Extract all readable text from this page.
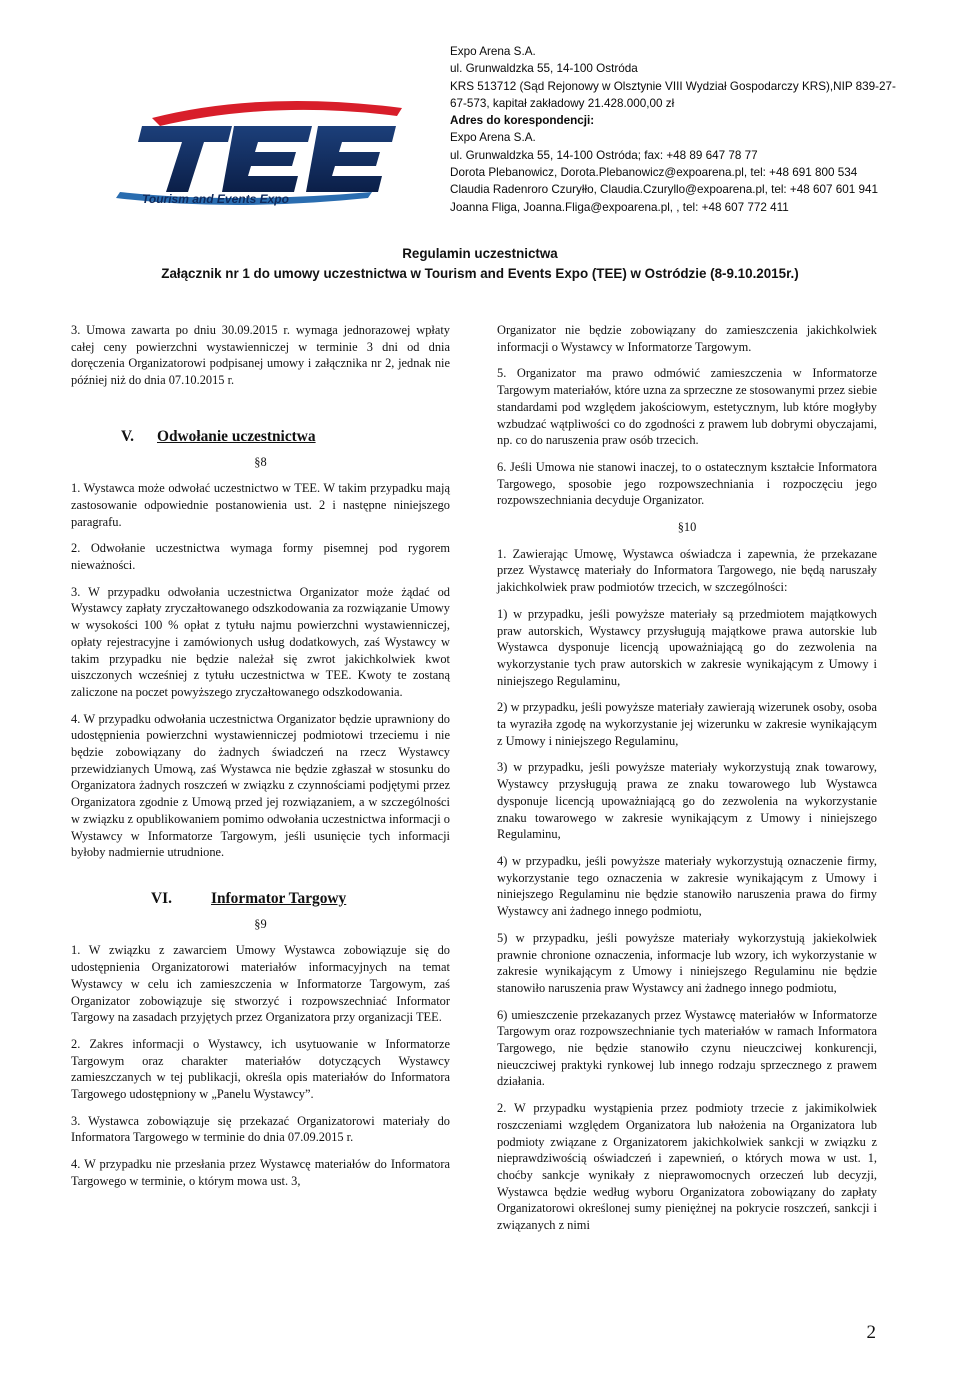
Tourism and Events Expo
Expo Arena S.A.
ul. Grunwaldzka 55, 14-100 Ostróda
KRS 513712 (Sąd Rejonowy w Olsztynie VIII Wydział Gospodarczy KRS),NIP 839-27-
67-573, kapitał zakładowy 21.428.000,00 zł
Adres do korespondencji:
Expo Arena S.A.
ul. Grunwaldzka 55, 14-100 Ostróda; fax: +48 89 647 78 77
Dorota Plebanowicz, Dorota.Plebanowicz@expoarena.pl, tel: +48 691 800 534
Claudia Radenroro Czuryłło, Claudia.Czuryllo@expoarena.pl, tel: +48 607 601 941
Joanna Fliga, Joanna.Fliga@expoarena.pl, , tel: +48 607 772 411
Regulamin uczestnictwa
Załącznik nr 1 do umowy uczestnictwa w Tourism and Events Expo (TEE) w Ostródzie (8-9.10.2015r.)

3. Umowa zawarta po dniu 30.09.2015 r. wymaga jednorazowej wpłaty całej ceny powierzchni wystawienniczej w terminie 3 dni od dnia doręczenia Organizatorowi podpisanej umowy i załącznika nr 2, jednak nie później niż do dnia 07.10.2015 r.

V. Odwołanie uczestnictwa
§8

1. Wystawca może odwołać uczestnictwo w TEE. W takim przypadku mają zastosowanie odpowiednie postanowienia ust. 2 i następne niniejszego paragrafu.

2. Odwołanie uczestnictwa wymaga formy pisemnej pod rygorem nieważności.

3. W przypadku odwołania uczestnictwa Organizator może żądać od Wystawcy zapłaty zryczałtowanego odszkodowania za rozwiązanie Umowy w wysokości 100 % opłat z tytułu najmu powierzchni wystawienniczej, opłaty rejestracyjne i zamówionych usług dodatkowych, zaś Wystawcy w takim przypadku nie będzie należał się zwrot jakichkolwiek kwot uiszczonych wcześniej z tytułu uczestnictwa w TEE. Kwoty te zostaną zaliczone na poczet powyższego zryczałtowanego odszkodowania.

4. W przypadku odwołania uczestnictwa Organizator będzie uprawniony do udostępnienia powierzchni wystawienniczej podmiotowi trzeciemu i nie będzie zobowiązany do żadnych świadczeń na rzecz Wystawcy przewidzianych Umową, zaś Wystawca nie będzie zgłaszał w stosunku do Organizatora żadnych roszczeń w związku z czynnościami podjętymi przez Organizatora zgodnie z Umową przed jej rozwiązaniem, a w szczególności w związku z opublikowaniem pomimo odwołania uczestnictwa informacji o Wystawcy w Informatorze Targowym, jeśli usunięcie tych informacji byłoby nadmiernie utrudnione.

VI.	Informator Targowy
§9

1. W związku z zawarciem Umowy Wystawca zobowiązuje się do udostępnienia Organizatorowi materiałów informacyjnych na temat Wystawcy w celu ich zamieszczenia w Informatorze Targowym, zaś Organizator zobowiązuje się stworzyć i rozpowszechniać Informator Targowy na zasadach przyjętych przez Organizatora przy organizacji TEE.

2. Zakres informacji o Wystawcy, ich usytuowanie w Informatorze Targowym oraz charakter materiałów dotyczących Wystawcy zamieszczanych w tej publikacji, określa opis materiałów do Informatora Targowego udostępniony w „Panelu Wystawcy”.

3. Wystawca zobowiązuje się przekazać Organizatorowi materiały do Informatora Targowego w terminie do dnia 07.09.2015 r.

4. W przypadku nie przesłania przez Wystawcę materiałów do Informatora Targowego w terminie, o którym mowa ust. 3,

Organizator nie będzie zobowiązany do zamieszczenia jakichkolwiek informacji o Wystawcy w Informatorze Targowym.

5. Organizator ma prawo odmówić zamieszczenia w Informatorze Targowym materiałów, które uzna za sprzeczne ze stosowanymi przez siebie standardami pod względem jakościowym, estetycznym, lub które mogłyby wzbudzać wątpliwości co do zgodności z prawem lub dobrymi obyczajami, np. co do naruszenia praw osób trzecich.

6. Jeśli Umowa nie stanowi inaczej, to o ostatecznym kształcie Informatora Targowego, sposobie jego rozpowszechniania i rozpoczęciu jego rozpowszechniania decyduje Organizator.

§10

1. Zawierając Umowę, Wystawca oświadcza i zapewnia, że przekazane przez Wystawcę materiały do Informatora Targowego, nie będą naruszały jakichkolwiek praw podmiotów trzecich, w szczególności:

1) w przypadku, jeśli powyższe materiały są przedmiotem majątkowych praw autorskich, Wystawcy przysługują majątkowe prawa autorskie lub Wystawca dysponuje licencją upoważniającą go do zezwolenia na wykorzystanie tych praw autorskich w zakresie wynikającym z Umowy i niniejszego Regulaminu,

2) w przypadku, jeśli powyższe materiały zawierają wizerunek osoby, osoba ta wyraziła zgodę na wykorzystanie jej wizerunku w zakresie wynikającym z Umowy i niniejszego Regulaminu,

3) w przypadku, jeśli powyższe materiały wykorzystują znak towarowy, Wystawcy przysługują prawa ze znaku towarowego lub Wystawca dysponuje licencją upoważniającą go do zezwolenia na wykorzystanie znaku towarowego w zakresie wynikającym z Umowy i niniejszego Regulaminu,

4) w przypadku, jeśli powyższe materiały wykorzystują oznaczenie firmy, wykorzystanie tego oznaczenia w zakresie wynikającym z Umowy i niniejszego Regulaminu nie będzie stanowiło naruszenia prawa do firmy Wystawcy ani żadnego innego podmiotu,

5) w przypadku, jeśli powyższe materiały wykorzystują jakiekolwiek prawnie chronione oznaczenia, informacje lub wzory, ich wykorzystanie w zakresie wynikającym z Umowy i niniejszego Regulaminu nie będzie stanowiło naruszenia praw Wystawcy ani żadnego innego podmiotu,

6) umieszczenie przekazanych przez Wystawcę materiałów w Informatorze Targowym oraz rozpowszechnianie tych materiałów w ramach Informatora Targowego, nie będzie stanowiło czynu nieuczciwej konkurencji, nieuczciwej praktyki rynkowej lub innego rodzaju sprzecznego z prawem działania.

2. W przypadku wystąpienia przez podmioty trzecie z jakimikolwiek roszczeniami względem Organizatora lub nałożenia na Organizatora lub podmioty związane z Organizatorem jakichkolwiek sankcji w związku z nieprawdziwością oświadczeń i zapewnień, o których mowa w ust. 1, choćby sankcje wynikały z nieprawomocnych orzeczeń lub decyzji, Wystawca będzie według wyboru Organizatora zobowiązany do zapłaty Organizatorowi określonej sumy pieniężnej na pokrycie roszczeń, sankcji i związanych z nimi

2
